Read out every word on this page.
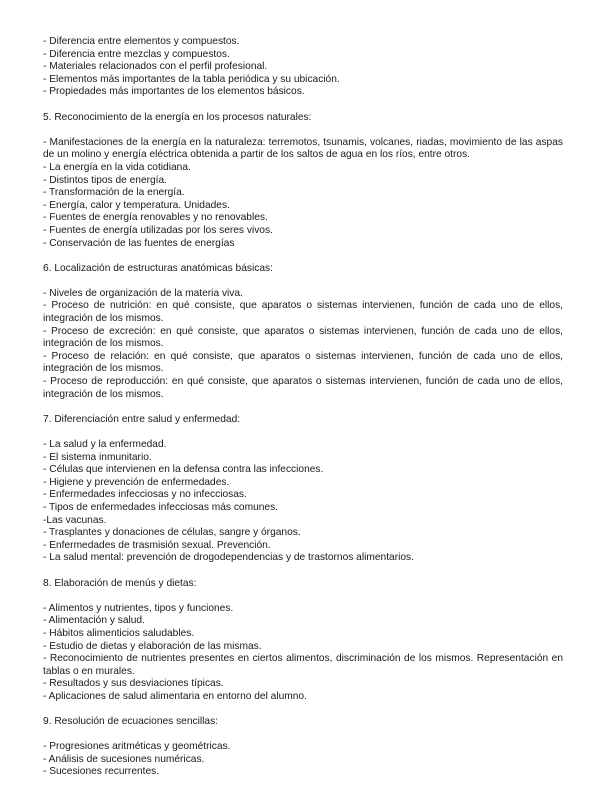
- Diferencia entre elementos y compuestos.
- Diferencia entre mezclas y compuestos.
- Materiales relacionados con el perfil profesional.
- Elementos más importantes de la tabla periódica y su ubicación.
- Propiedades más importantes de los elementos básicos.
5. Reconocimiento de la energía en los procesos naturales:
- Manifestaciones de la energía en la naturaleza: terremotos, tsunamis, volcanes, riadas, movimiento de las aspas de un molino y energía eléctrica obtenida a partir de los saltos de agua en los ríos, entre otros.
- La energía en la vida cotidiana.
- Distintos tipos de energía.
- Transformación de la energía.
- Energía, calor y temperatura. Unidades.
- Fuentes de energía renovables y no renovables.
- Fuentes de energía utilizadas por los seres vivos.
- Conservación de las fuentes de energías
6. Localización de estructuras anatómicas básicas:
- Niveles de organización de la materia viva.
- Proceso de nutrición: en qué consiste, que aparatos o sistemas intervienen, función de cada uno de ellos, integración de los mismos.
- Proceso de excreción: en qué consiste, que aparatos o sistemas intervienen, función de cada uno de ellos, integración de los mismos.
- Proceso de relación: en qué consiste, que aparatos o sistemas intervienen, función de cada uno de ellos, integración de los mismos.
- Proceso de reproducción: en qué consiste, que aparatos o sistemas intervienen, función de cada uno de ellos, integración de los mismos.
7. Diferenciación entre salud y enfermedad:
- La salud y la enfermedad.
- El sistema inmunitario.
- Células que intervienen en la defensa contra las infecciones.
- Higiene y prevención de enfermedades.
- Enfermedades infecciosas y no infecciosas.
- Tipos de enfermedades infecciosas más comunes.
-Las vacunas.
- Trasplantes y donaciones de células, sangre y órganos.
- Enfermedades de trasmisión sexual. Prevención.
- La salud mental: prevención de drogodependencias y de trastornos alimentarios.
8. Elaboración de menús y dietas:
- Alimentos y nutrientes, tipos y funciones.
- Alimentación y salud.
- Hábitos alimenticios saludables.
- Estudio de dietas y elaboración de las mismas.
- Reconocimiento de nutrientes presentes en ciertos alimentos, discriminación de los mismos. Representación en tablas o en murales.
- Resultados y sus desviaciones típicas.
- Aplicaciones de salud alimentaria en entorno del alumno.
9. Resolución de ecuaciones sencillas:
- Progresiones aritméticas y geométricas.
- Análisis de sucesiones numéricas.
- Sucesiones recurrentes.
